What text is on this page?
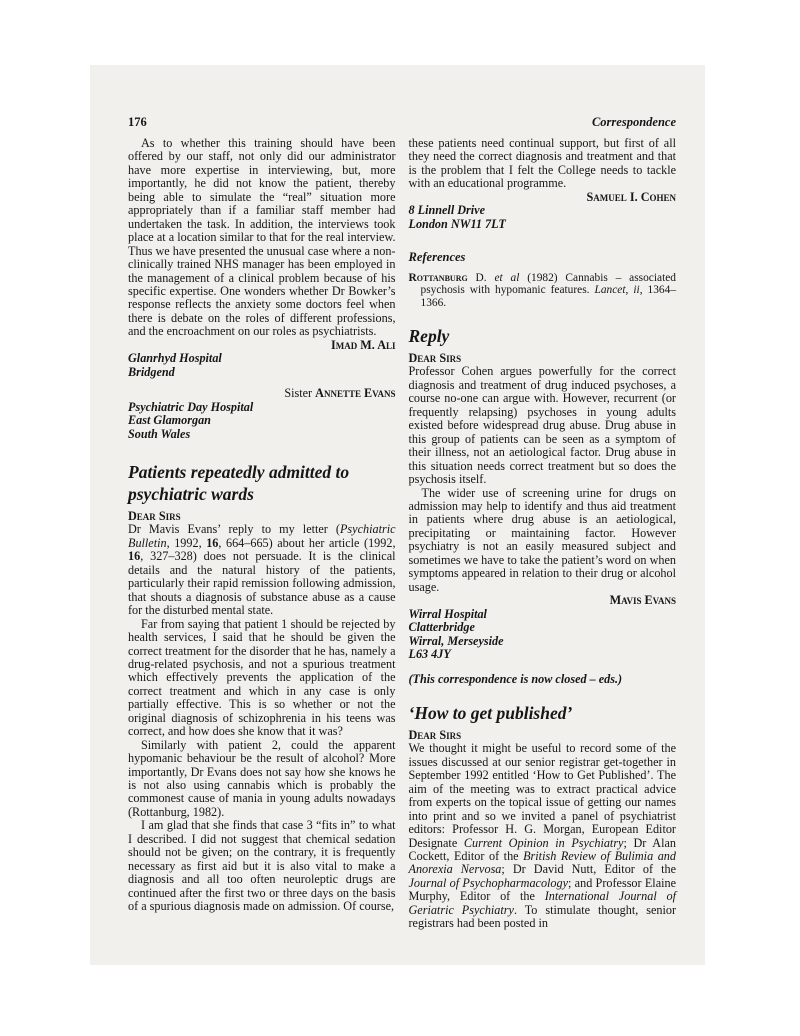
176	Correspondence

As to whether this training should have been offered by our staff, not only did our administrator have more expertise in interviewing, but, more importantly, he did not know the patient, thereby being able to simulate the “real” situation more appropriately than if a familiar staff member had undertaken the task. In addition, the interviews took place at a location similar to that for the real interview. Thus we have presented the unusual case where a non-clinically trained NHS manager has been employed in the management of a clinical problem because of his specific expertise. One wonders whether Dr Bowker’s response reflects the anxiety some doctors feel when there is debate on the roles of different professions, and the encroachment on our roles as psychiatrists.

Imad M. Ali

Glanrhyd Hospital
Bridgend

Sister Annette Evans

Psychiatric Day Hospital
East Glamorgan
South Wales
Patients repeatedly admitted to psychiatric wards

Dear Sirs

Dr Mavis Evans’ reply to my letter (Psychiatric Bulletin, 1992, 16, 664–665) about her article (1992, 16, 327–328) does not persuade. It is the clinical details and the natural history of the patients, particularly their rapid remission following admission, that shouts a diagnosis of substance abuse as a cause for the disturbed mental state.

Far from saying that patient 1 should be rejected by health services, I said that he should be given the correct treatment for the disorder that he has, namely a drug-related psychosis, and not a spurious treatment which effectively prevents the application of the correct treatment and which in any case is only partially effective. This is so whether or not the original diagnosis of schizophrenia in his teens was correct, and how does she know that it was?

Similarly with patient 2, could the apparent hypomanic behaviour be the result of alcohol? More importantly, Dr Evans does not say how she knows he is not also using cannabis which is probably the commonest cause of mania in young adults nowadays (Rottanburg, 1982).

I am glad that she finds that case 3 “fits in” to what I described. I did not suggest that chemical sedation should not be given; on the contrary, it is frequently necessary as first aid but it is also vital to make a diagnosis and all too often neuroleptic drugs are continued after the first two or three days on the basis of a spurious diagnosis made on admission. Of course,

these patients need continual support, but first of all they need the correct diagnosis and treatment and that is the problem that I felt the College needs to tackle with an educational programme.

Samuel I. Cohen

8 Linnell Drive
London NW11 7LT
References

Rottanburg D. et al (1982) Cannabis – associated psychosis with hypomanic features. Lancet, ii, 1364–1366.

Reply

Dear Sirs

Professor Cohen argues powerfully for the correct diagnosis and treatment of drug induced psychoses, a course no-one can argue with. However, recurrent (or frequently relapsing) psychoses in young adults existed before widespread drug abuse. Drug abuse in this group of patients can be seen as a symptom of their illness, not an aetiological factor. Drug abuse in this situation needs correct treatment but so does the psychosis itself.

The wider use of screening urine for drugs on admission may help to identify and thus aid treatment in patients where drug abuse is an aetiological, precipitating or maintaining factor. However psychiatry is not an easily measured subject and sometimes we have to take the patient’s word on when symptoms appeared in relation to their drug or alcohol usage.

Mavis Evans

Wirral Hospital
Clatterbridge
Wirral, Merseyside
L63 4JY

(This correspondence is now closed – eds.)

‘How to get published’

Dear Sirs

We thought it might be useful to record some of the issues discussed at our senior registrar get-together in September 1992 entitled ‘How to Get Published’. The aim of the meeting was to extract practical advice from experts on the topical issue of getting our names into print and so we invited a panel of psychiatrist editors: Professor H. G. Morgan, European Editor Designate Current Opinion in Psychiatry; Dr Alan Cockett, Editor of the British Review of Bulimia and Anorexia Nervosa; Dr David Nutt, Editor of the Journal of Psychopharmacology; and Professor Elaine Murphy, Editor of the International Journal of Geriatric Psychiatry. To stimulate thought, senior registrars had been posted in
